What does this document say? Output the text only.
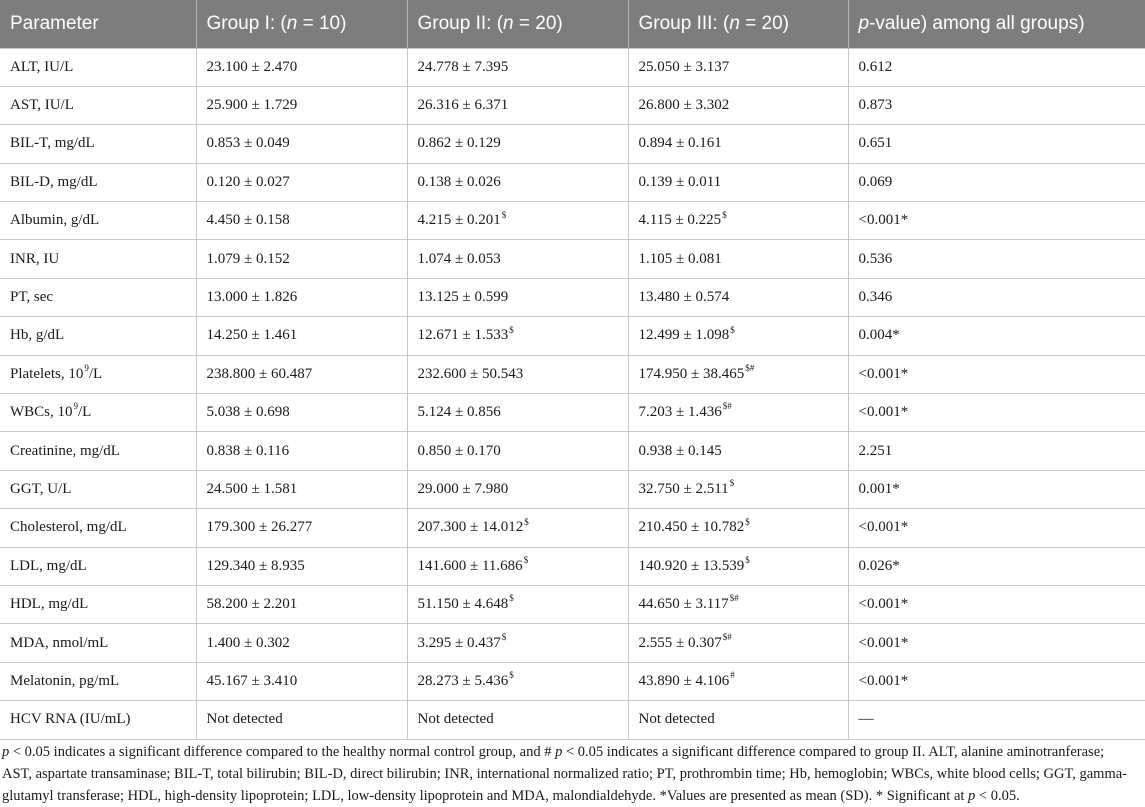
Parameter	Group I: (n = 10)	Group II: (n = 20)	Group III: (n = 20)	p-value) among all groups)
ALT, IU/L	23.100 ± 2.470	24.778 ± 7.395	25.050 ± 3.137	0.612
AST, IU/L	25.900 ± 1.729	26.316 ± 6.371	26.800 ± 3.302	0.873
BIL-T, mg/dL	0.853 ± 0.049	0.862 ± 0.129	0.894 ± 0.161	0.651
BIL-D, mg/dL	0.120 ± 0.027	0.138 ± 0.026	0.139 ± 0.011	0.069
Albumin, g/dL	4.450 ± 0.158	4.215 ± 0.201$	4.115 ± 0.225$	<0.001*
INR, IU	1.079 ± 0.152	1.074 ± 0.053	1.105 ± 0.081	0.536
PT, sec	13.000 ± 1.826	13.125 ± 0.599	13.480 ± 0.574	0.346
Hb, g/dL	14.250 ± 1.461	12.671 ± 1.533$	12.499 ± 1.098$	0.004*
Platelets, $10^9/L$	238.800 ± 60.487	232.600 ± 50.543	174.950 ± 38.465$#	<0.001*
WBCs, $10^9/L$	5.038 ± 0.698	5.124 ± 0.856	7.203 ± 1.436$#	<0.001*
Creatinine, mg/dL	0.838 ± 0.116	0.850 ± 0.170	0.938 ± 0.145	2.251
GGT, U/L	24.500 ± 1.581	29.000 ± 7.980	32.750 ± 2.511$	0.001*
Cholesterol, mg/dL	179.300 ± 26.277	207.300 ± 14.012$	210.450 ± 10.782$	<0.001*
LDL, mg/dL	129.340 ± 8.935	141.600 ± 11.686$	140.920 ± 13.539$	0.026*
HDL, mg/dL	58.200 ± 2.201	51.150 ± 4.648$	44.650 ± 3.117$#	<0.001*
MDA, nmol/mL	1.400 ± 0.302	3.295 ± 0.437$	2.555 ± 0.307$#	<0.001*
Melatonin, pg/mL	45.167 ± 3.410	28.273 ± 5.436$	43.890 ± 4.106#	<0.001*
HCV RNA (IU/mL)	Not detected	Not detected	Not detected	—
p < 0.05 indicates a significant difference compared to the healthy normal control group, and # p < 0.05 indicates a significant difference compared to group II. ALT, alanine aminotranferase; AST, aspartate transaminase; BIL-T, total bilirubin; BIL-D, direct bilirubin; INR, international normalized ratio; PT, prothrombin time; Hb, hemoglobin; WBCs, white blood cells; GGT, gamma-glutamyl transferase; HDL, high-density lipoprotein; LDL, low-density lipoprotein and MDA, malondialdehyde. *Values are presented as mean (SD). * Significant at p < 0.05.
